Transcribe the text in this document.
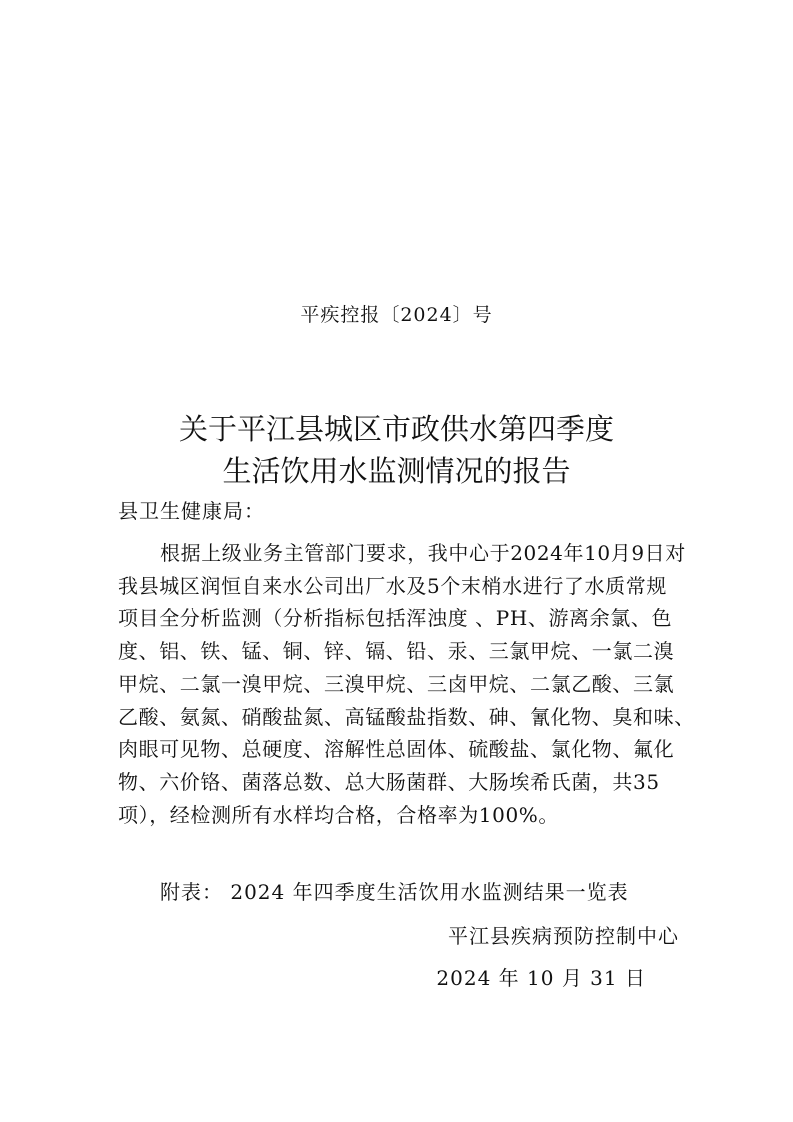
平疾控报〔2024〕号
关于平江县城区市政供水第四季度
生活饮用水监测情况的报告
县卫生健康局：
根据上级业务主管部门要求，我中心于2024年10月9日对
我县城区润恒自来水公司出厂水及5个末梢水进行了水质常规
项目全分析监测（分析指标包括浑浊度 、PH、游离余氯、色
度、铝、铁、锰、铜、锌、镉、铅、汞、三氯甲烷、一氯二溴
甲烷、二氯一溴甲烷、三溴甲烷、三卤甲烷、二氯乙酸、三氯
乙酸、氨氮、硝酸盐氮、高锰酸盐指数、砷、氰化物、臭和味、
肉眼可见物、总硬度、溶解性总固体、硫酸盐、氯化物、氟化
物、六价铬、菌落总数、总大肠菌群、大肠埃希氏菌，共35
项），经检测所有水样均合格，合格率为100%。
附表： 2024 年四季度生活饮用水监测结果一览表
平江县疾病预防控制中心
2024 年 10 月 31 日
